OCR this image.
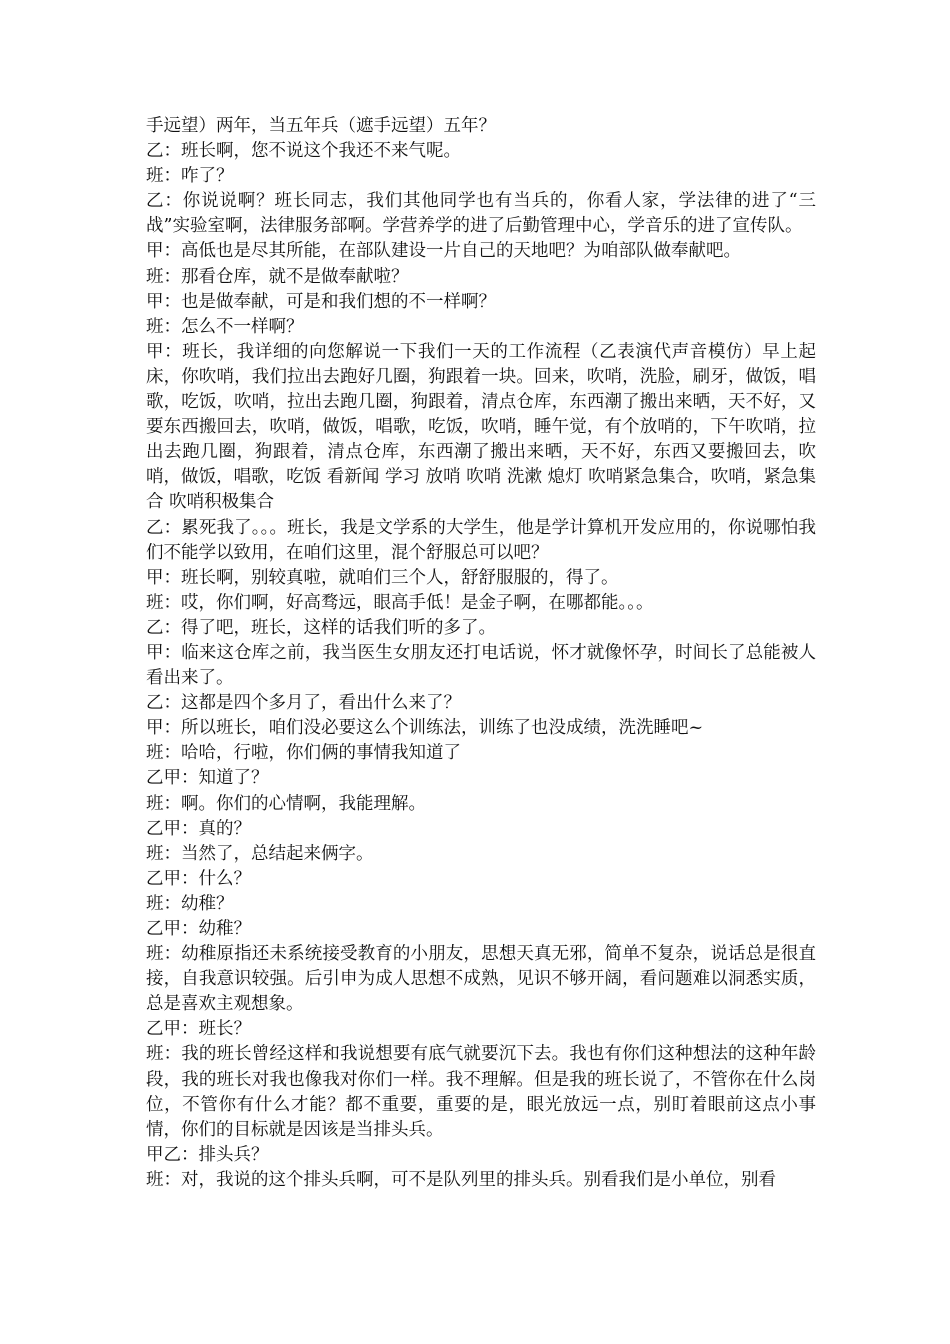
手远望）两年，当五年兵（遮手远望）五年？

乙：班长啊，您不说这个我还不来气呢。

班：咋了？

乙：你说说啊？班长同志，我们其他同学也有当兵的，你看人家，学法律的进了“三战”实验室啊，法律服务部啊。学营养学的进了后勤管理中心，学音乐的进了宣传队。

甲：高低也是尽其所能，在部队建设一片自己的天地吧？为咱部队做奉献吧。

班：那看仓库，就不是做奉献啦？

甲：也是做奉献，可是和我们想的不一样啊？

班：怎么不一样啊？

甲：班长，我详细的向您解说一下我们一天的工作流程（乙表演代声音模仿）早上起床，你吹哨，我们拉出去跑好几圈，狗跟着一块。回来，吹哨，洗脸，刷牙，做饭，唱歌，吃饭，吹哨，拉出去跑几圈，狗跟着，清点仓库，东西潮了搬出来晒，天不好，又要东西搬回去，吹哨，做饭，唱歌，吃饭，吹哨，睡午觉，有个放哨的，下午吹哨，拉出去跑几圈，狗跟着，清点仓库，东西潮了搬出来晒，天不好，东西又要搬回去，吹哨，做饭，唱歌，吃饭 看新闻 学习 放哨 吹哨 洗漱 熄灯 吹哨紧急集合，吹哨，紧急集合 吹哨积极集合

乙：累死我了。。。班长，我是文学系的大学生，他是学计算机开发应用的，你说哪怕我们不能学以致用，在咱们这里，混个舒服总可以吧？

甲：班长啊，别较真啦，就咱们三个人，舒舒服服的，得了。

班：哎，你们啊，好高骛远，眼高手低！是金子啊，在哪都能。。。

乙：得了吧，班长，这样的话我们听的多了。

甲：临来这仓库之前，我当医生女朋友还打电话说，怀才就像怀孕，时间长了总能被人看出来了。

乙：这都是四个多月了，看出什么来了？

甲：所以班长，咱们没必要这么个训练法，训练了也没成绩，洗洗睡吧~

班：哈哈，行啦，你们俩的事情我知道了

乙甲：知道了？

班：啊。你们的心情啊，我能理解。

乙甲：真的？

班：当然了，总结起来俩字。

乙甲：什么？

班：幼稚？

乙甲：幼稚？

班：幼稚原指还未系统接受教育的小朋友，思想天真无邪，简单不复杂，说话总是很直接，自我意识较强。后引申为成人思想不成熟，见识不够开阔，看问题难以洞悉实质，总是喜欢主观想象。

乙甲：班长？

班：我的班长曾经这样和我说想要有底气就要沉下去。我也有你们这种想法的这种年龄段，我的班长对我也像我对你们一样。我不理解。但是我的班长说了，不管你在什么岗位，不管你有什么才能？都不重要，重要的是，眼光放远一点，别盯着眼前这点小事情，你们的目标就是因该是当排头兵。

甲乙：排头兵？

班：对，我说的这个排头兵啊，可不是队列里的排头兵。别看我们是小单位，别看
